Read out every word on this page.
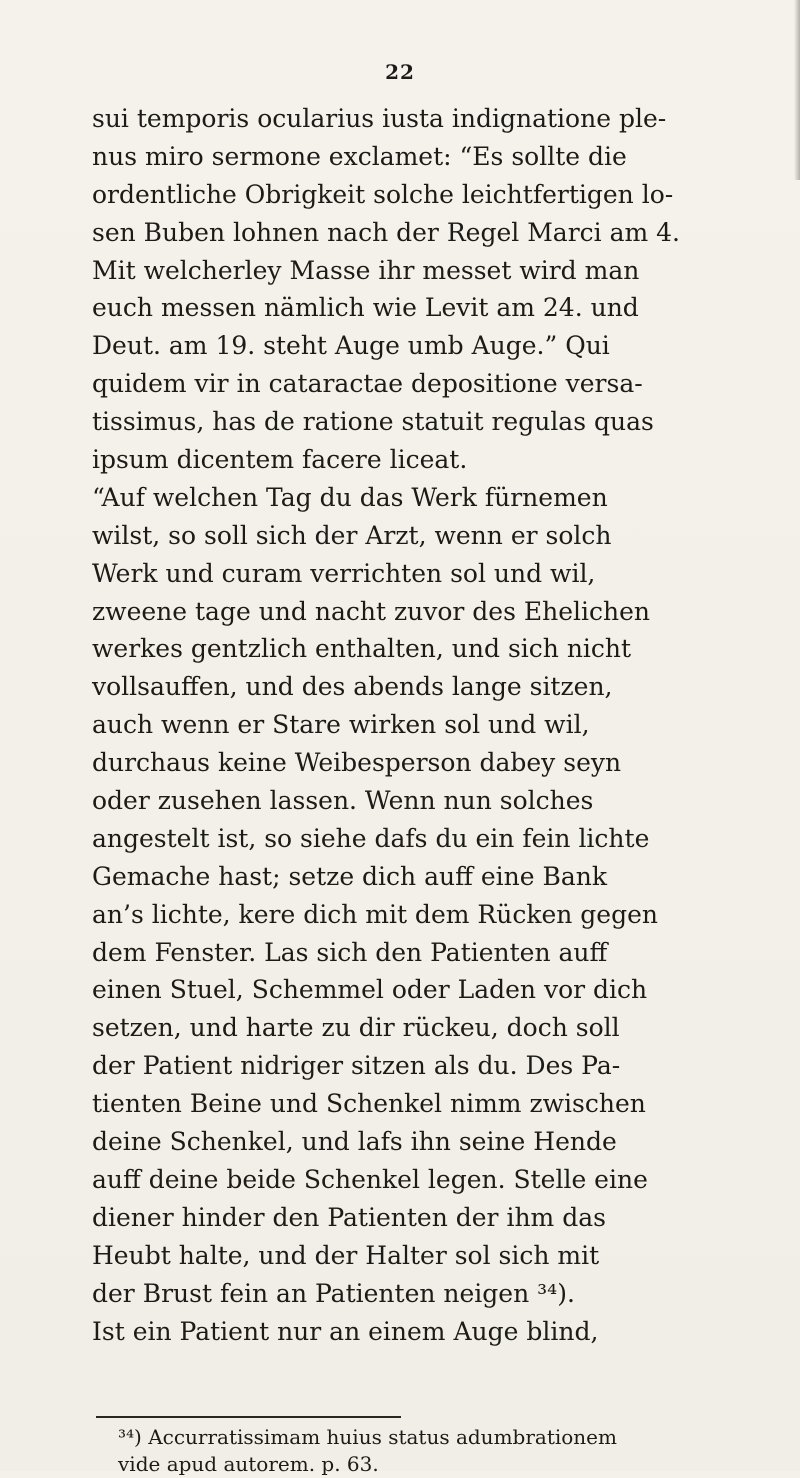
22
sui temporis ocularius iusta indignatione ple-
nus miro sermone exclamet: “Es sollte die
ordentliche Obrigkeit solche leichtfertigen lo-
sen Buben lohnen nach der Regel Marci am 4.
Mit welcherley Masse ihr messet wird man
euch messen nämlich wie Levit am 24. und
Deut. am 19. steht Auge umb Auge.” Qui
quidem vir in cataractae depositione versa-
tissimus, has de ratione statuit regulas quas
ipsum dicentem facere liceat.
“Auf welchen Tag du das Werk fürnemen
wilst, so soll sich der Arzt, wenn er solch
Werk und curam verrichten sol und wil,
zweene tage und nacht zuvor des Ehelichen
werkes gentzlich enthalten, und sich nicht
vollsauffen, und des abends lange sitzen,
auch wenn er Stare wirken sol und wil,
durchaus keine Weibesperson dabey seyn
oder zusehen lassen. Wenn nun solches
angestelt ist, so siehe dafs du ein fein lichte
Gemache hast; setze dich auff eine Bank
an’s lichte, kere dich mit dem Rücken gegen
dem Fenster. Las sich den Patienten auff
einen Stuel, Schemmel oder Laden vor dich
setzen, und harte zu dir rückeu, doch soll
der Patient nidriger sitzen als du. Des Pa-
tienten Beine und Schenkel nimm zwischen
deine Schenkel, und lafs ihn seine Hende
auff deine beide Schenkel legen. Stelle eine
diener hinder den Patienten der ihm das
Heubt halte, und der Halter sol sich mit
der Brust fein an Patienten neigen ³⁴).
Ist ein Patient nur an einem Auge blind,
³⁴) Accurratissimam huius status adumbrationem
vide apud autorem. p. 63.
